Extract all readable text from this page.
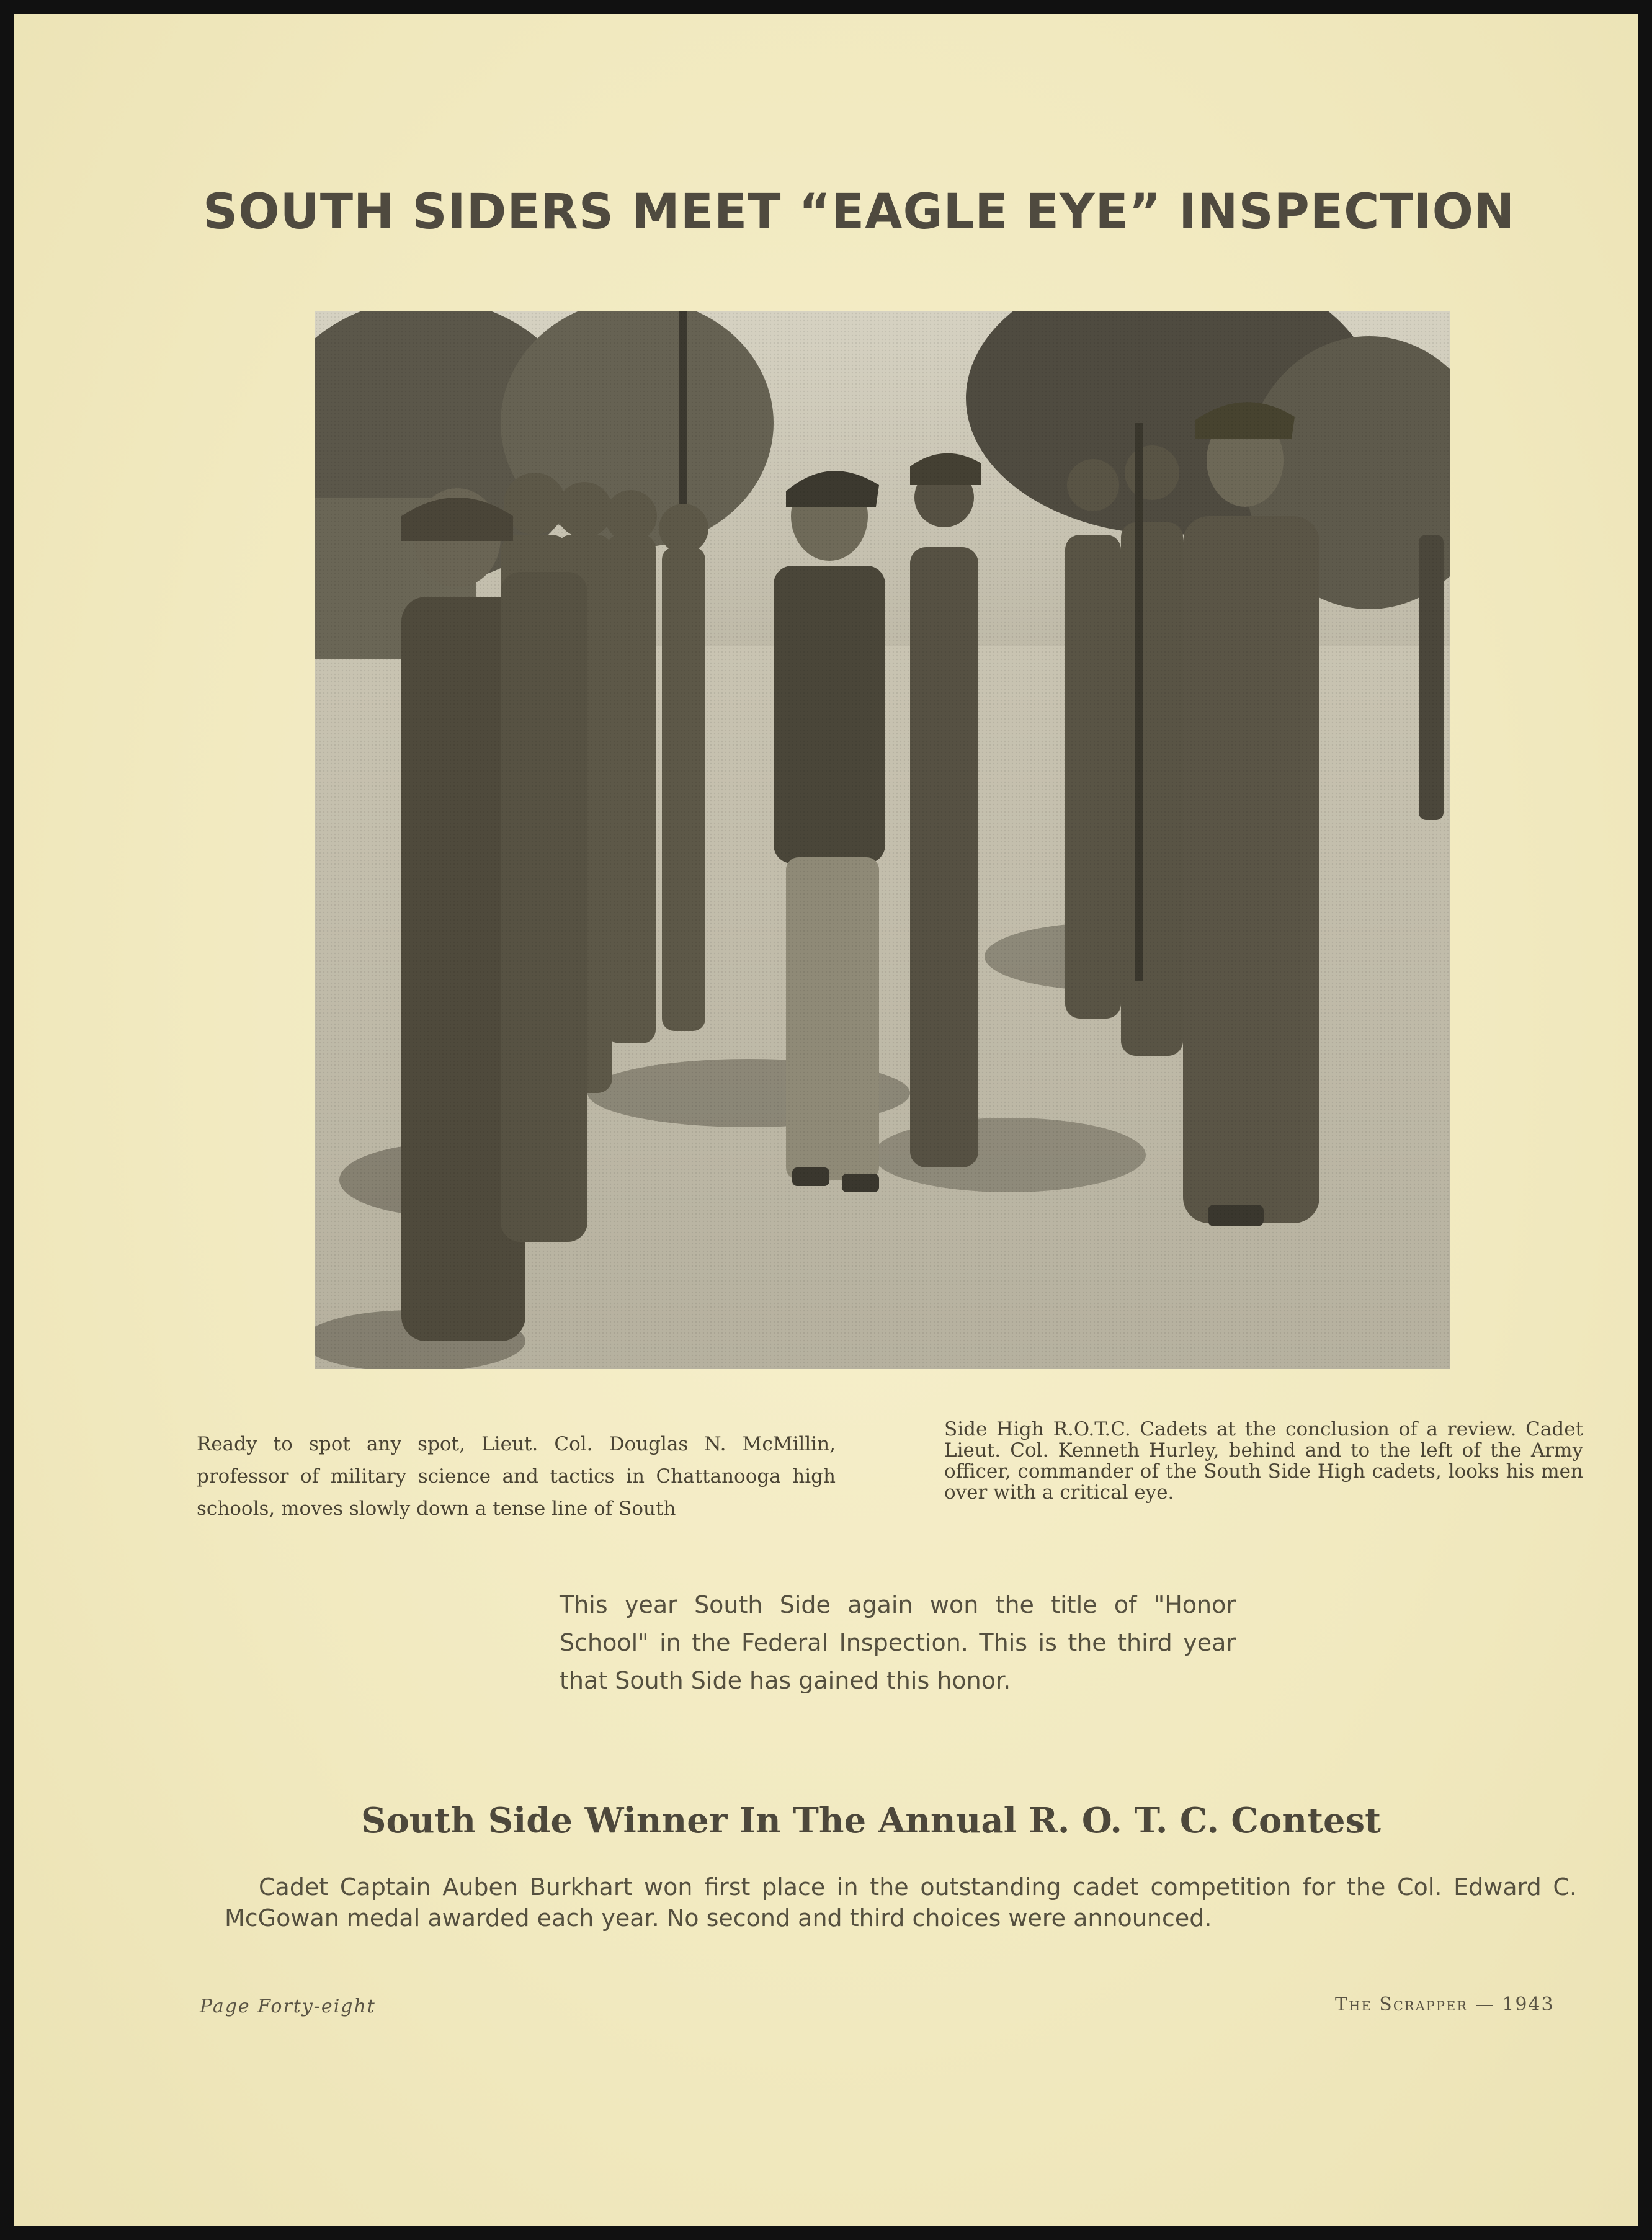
SOUTH SIDERS MEET “EAGLE EYE” INSPECTION
Ready to spot any spot, Lieut. Col. Douglas N. McMillin, professor of military science and tactics in Chattanooga high schools, moves slowly down a tense line of South
Side High R.O.T.C. Cadets at the conclusion of a review. Cadet Lieut. Col. Kenneth Hurley, behind and to the left of the Army officer, commander of the South Side High cadets, looks his men over with a critical eye.
This year South Side again won the title of "Honor School" in the Federal Inspection. This is the third year that South Side has gained this honor.
South Side Winner In The Annual R. O. T. C. Contest
Cadet Captain Auben Burkhart won first place in the outstanding cadet competition for the Col. Edward C. McGowan medal awarded each year. No second and third choices were announced.
Page Forty-eight	The Scrapper — 1943
